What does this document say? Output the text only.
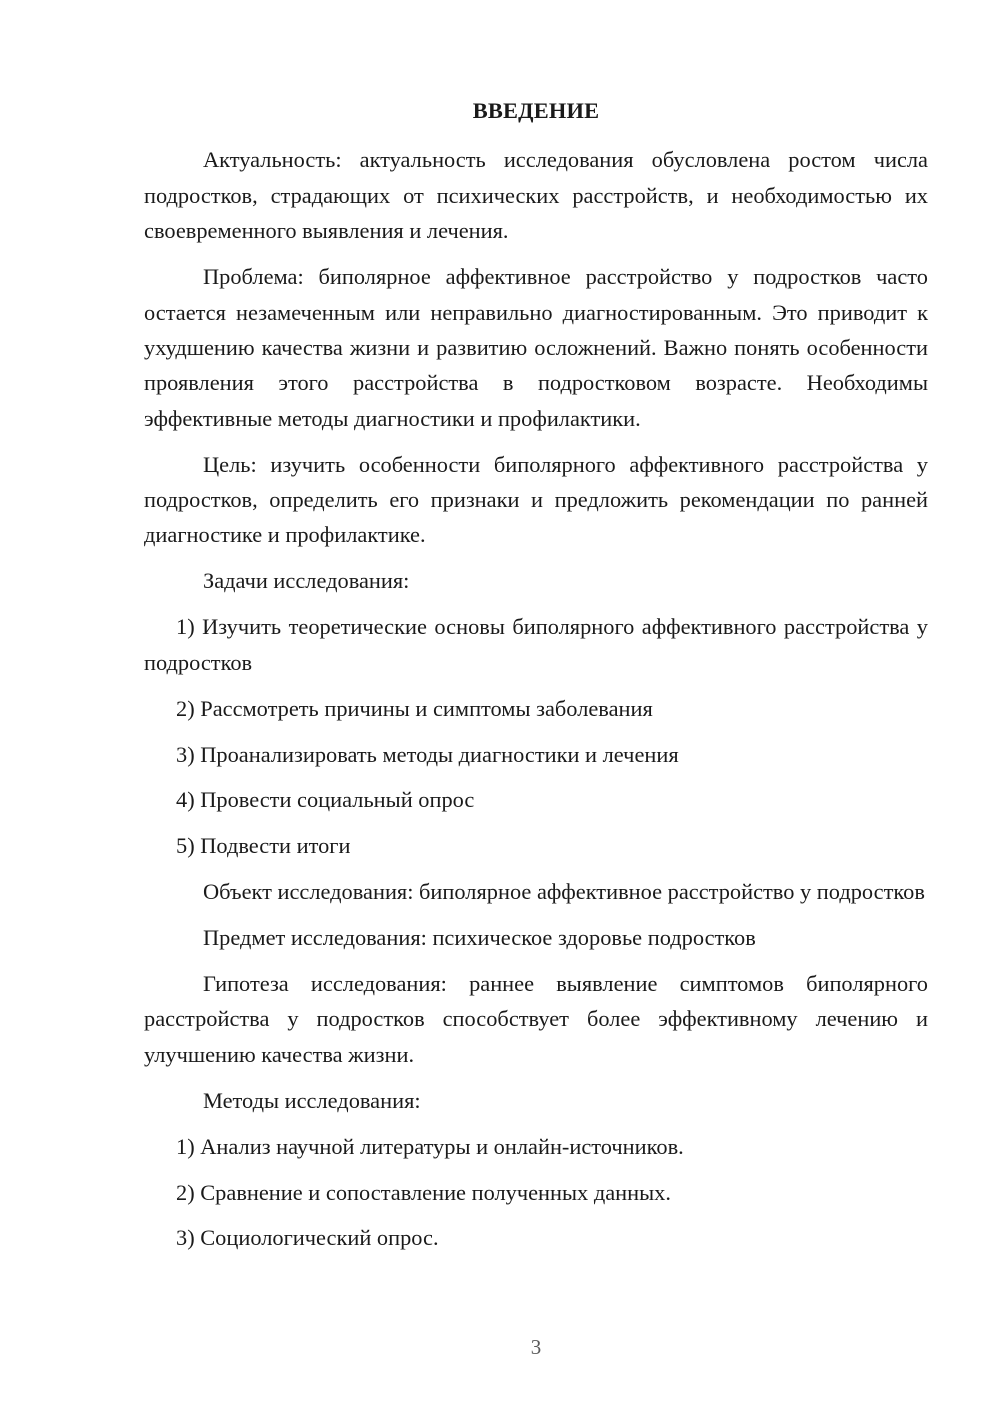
ВВЕДЕНИЕ

Актуальность: актуальность исследования обусловлена ростом числа подростков, страдающих от психических расстройств, и необходимостью их своевременного выявления и лечения.

Проблема: биполярное аффективное расстройство у подростков часто остается незамеченным или неправильно диагностированным. Это приводит к ухудшению качества жизни и развитию осложнений. Важно понять особенности проявления этого расстройства в подростковом возрасте. Необходимы эффективные методы диагностики и профилактики.

Цель: изучить особенности биполярного аффективного расстройства у подростков, определить его признаки и предложить рекомендации по ранней диагностике и профилактике.

Задачи исследования:

1) Изучить теоретические основы биполярного аффективного расстройства у подростков

2) Рассмотреть причины и симптомы заболевания

3) Проанализировать методы диагностики и лечения

4) Провести социальный опрос

5) Подвести итоги

Объект исследования: биполярное аффективное расстройство у подростков

Предмет исследования: психическое здоровье подростков

Гипотеза исследования: раннее выявление симптомов биполярного расстройства у подростков способствует более эффективному лечению и улучшению качества жизни.

Методы исследования:

1) Анализ научной литературы и онлайн-источников.

2) Сравнение и сопоставление полученных данных.

3) Социологический опрос.

3
